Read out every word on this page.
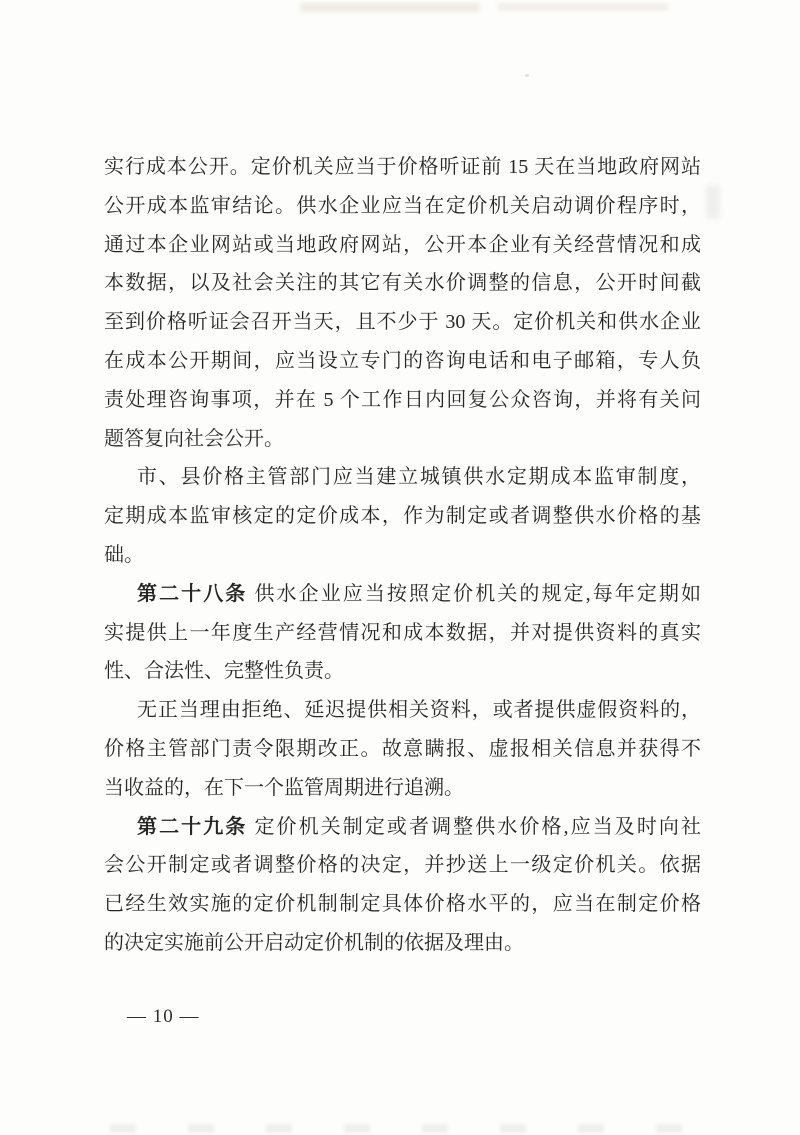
实行成本公开。定价机关应当于价格听证前 15 天在当地政府网站
公开成本监审结论。供水企业应当在定价机关启动调价程序时，
通过本企业网站或当地政府网站，公开本企业有关经营情况和成
本数据，以及社会关注的其它有关水价调整的信息，公开时间截
至到价格听证会召开当天，且不少于 30 天。定价机关和供水企业
在成本公开期间，应当设立专门的咨询电话和电子邮箱，专人负
责处理咨询事项，并在 5 个工作日内回复公众咨询，并将有关问
题答复向社会公开。
市、县价格主管部门应当建立城镇供水定期成本监审制度，
定期成本监审核定的定价成本，作为制定或者调整供水价格的基
础。
第二十八条 供水企业应当按照定价机关的规定,每年定期如
实提供上一年度生产经营情况和成本数据，并对提供资料的真实
性、合法性、完整性负责。
无正当理由拒绝、延迟提供相关资料，或者提供虚假资料的，
价格主管部门责令限期改正。故意瞒报、虚报相关信息并获得不
当收益的，在下一个监管周期进行追溯。
第二十九条 定价机关制定或者调整供水价格,应当及时向社
会公开制定或者调整价格的决定，并抄送上一级定价机关。依据
已经生效实施的定价机制制定具体价格水平的，应当在制定价格
的决定实施前公开启动定价机制的依据及理由。
— 10 —
